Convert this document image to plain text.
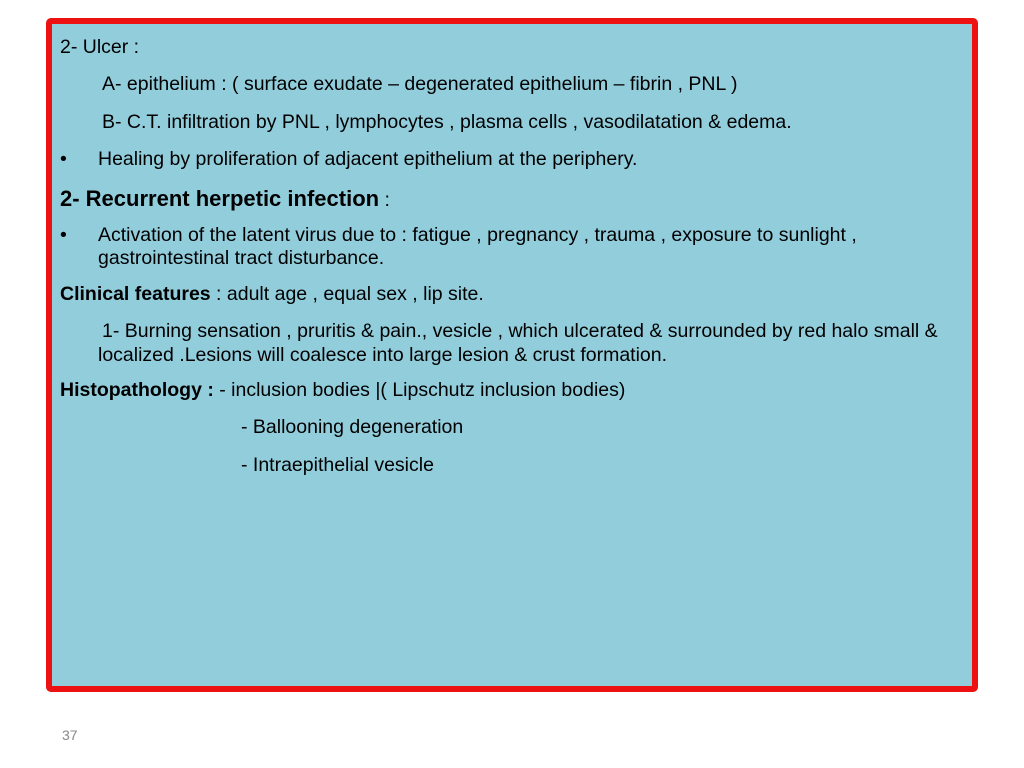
2- Ulcer :
A- epithelium : ( surface exudate – degenerated epithelium – fibrin , PNL )
B- C.T. infiltration by PNL , lymphocytes , plasma cells , vasodilatation & edema.
• Healing by proliferation of adjacent epithelium at the periphery.
2- Recurrent herpetic infection :
• Activation of the latent virus due to : fatigue , pregnancy , trauma , exposure to sunlight , gastrointestinal tract disturbance.
Clinical features : adult age , equal sex , lip site.
1- Burning sensation , pruritis & pain., vesicle , which ulcerated & surrounded by red halo small & localized .Lesions will coalesce into large lesion & crust formation.
Histopathology : - inclusion bodies |( Lipschutz inclusion bodies)
- Ballooning degeneration
- Intraepithelial vesicle
37
